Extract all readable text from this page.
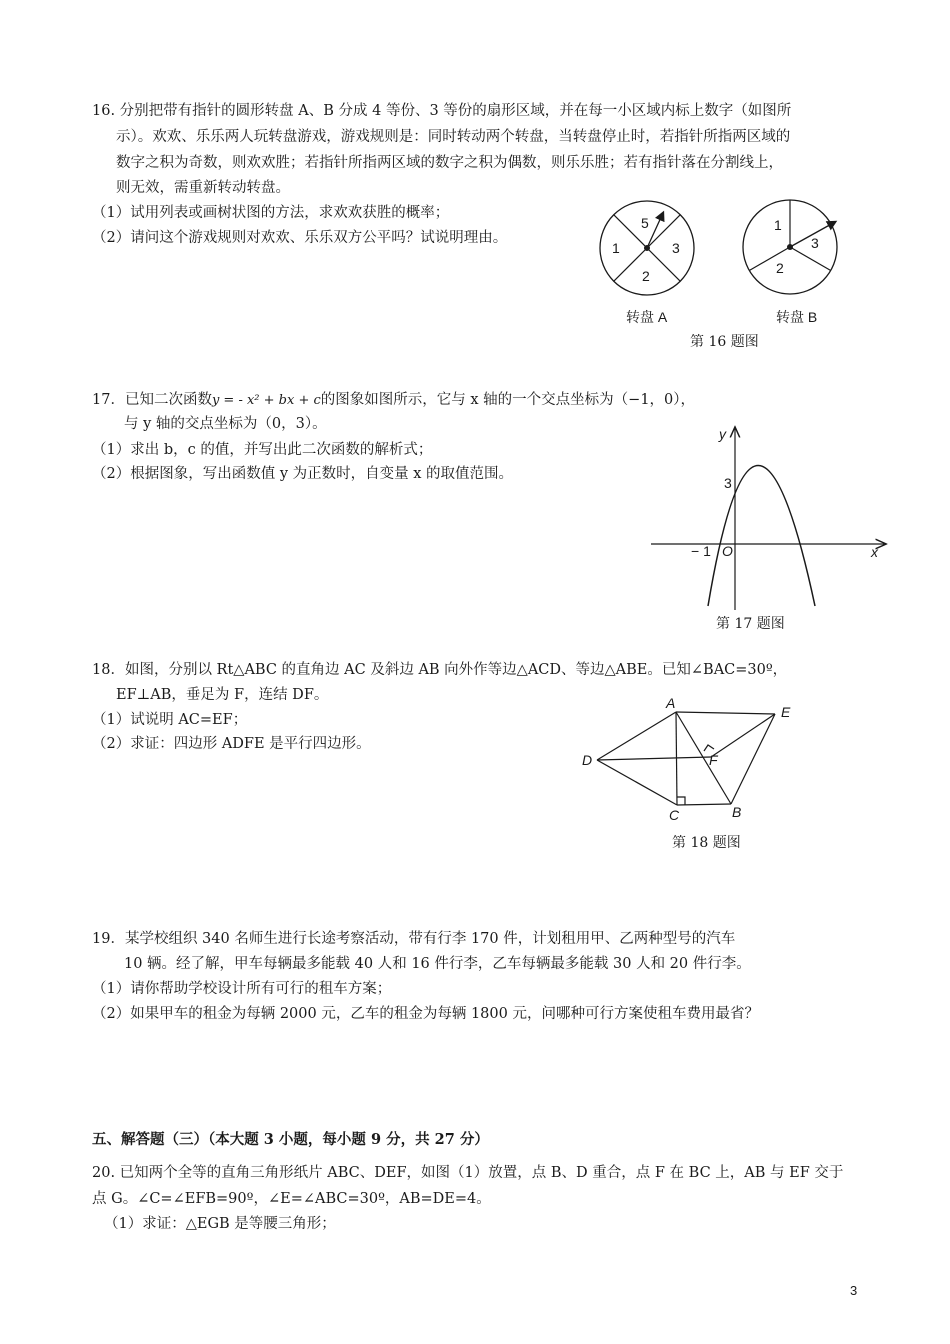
16. 分别把带有指针的圆形转盘 A、B 分成 4 等份、3 等份的扇形区域，并在每一小区域内标上数字（如图所
示）。欢欢、乐乐两人玩转盘游戏，游戏规则是：同时转动两个转盘，当转盘停止时，若指针所指两区域的
数字之积为奇数，则欢欢胜；若指针所指两区域的数字之积为偶数，则乐乐胜；若有指针落在分割线上，
则无效，需重新转动转盘。
（1）试用列表或画树状图的方法，求欢欢获胜的概率；
（2）请问这个游戏规则对欢欢、乐乐双方公平吗？试说明理由。
5
1	3
2
1
3
2
转盘 A	转盘 B
第 16 题图
17．已知二次函数y = - x² + bx + c的图象如图所示，它与 x 轴的一个交点坐标为（−1，0），
与 y 轴的交点坐标为（0，3）。
（1）求出 b，c 的值，并写出此二次函数的解析式；
（2）根据图象，写出函数值 y 为正数时，自变量 x 的取值范围。
y
x
O
− 1
3
第 17 题图
18．如图，分别以 Rt△ABC 的直角边 AC 及斜边 AB 向外作等边△ACD、等边△ABE。已知∠BAC=30º，
EF⊥AB，垂足为 F，连结 DF。
（1）试说明 AC=EF；
（2）求证：四边形 ADFE 是平行四边形。
A
E
D	F
C	B
第 18 题图
19．某学校组织 340 名师生进行长途考察活动，带有行李 170 件，计划租用甲、乙两种型号的汽车
10 辆。经了解，甲车每辆最多能载 40 人和 16 件行李，乙车每辆最多能载 30 人和 20 件行李。
（1）请你帮助学校设计所有可行的租车方案；
（2）如果甲车的租金为每辆 2000 元，乙车的租金为每辆 1800 元，问哪种可行方案使租车费用最省？
五、解答题（三）（本大题 3 小题，每小题 9 分，共 27 分）
20. 已知两个全等的直角三角形纸片 ABC、DEF，如图（1）放置，点 B、D 重合，点 F 在 BC 上，AB 与 EF 交于
点 G。∠C=∠EFB=90º，∠E=∠ABC=30º，AB=DE=4。
（1）求证：△EGB 是等腰三角形；
3
